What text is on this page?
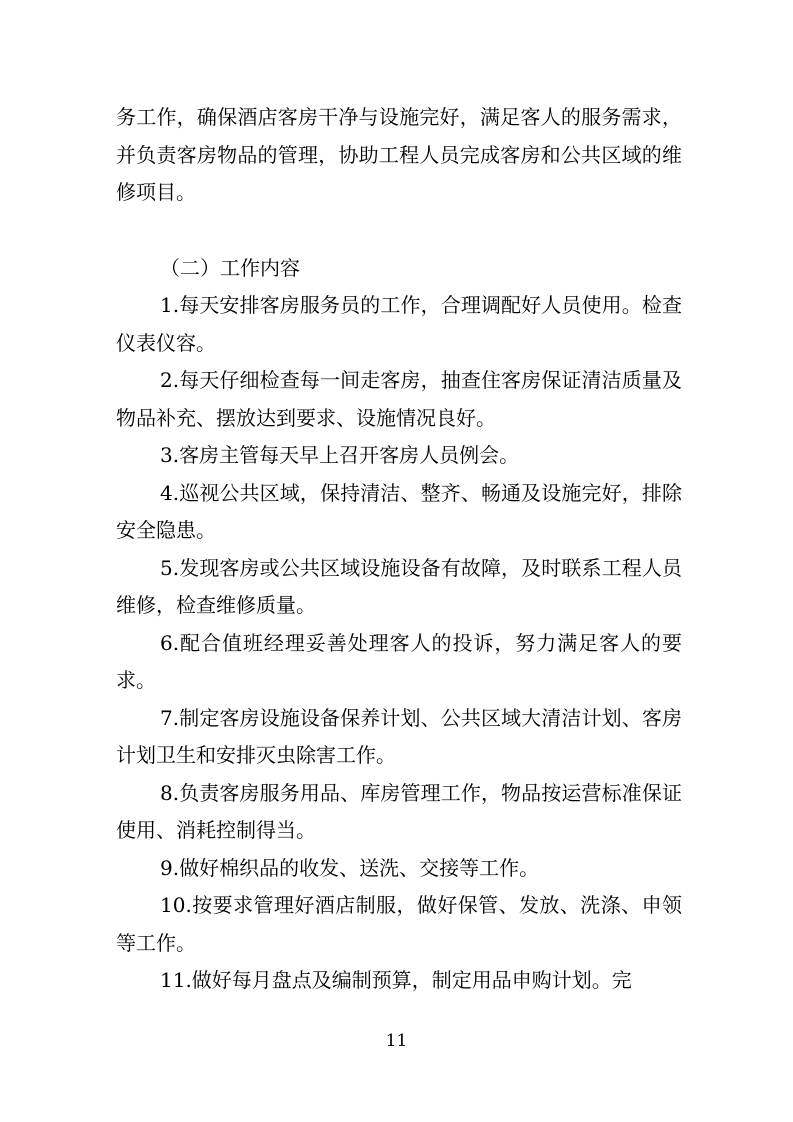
务工作，确保酒店客房干净与设施完好，满足客人的服务需求，并负责客房物品的管理，协助工程人员完成客房和公共区域的维修项目。

（二）工作内容

1.每天安排客房服务员的工作，合理调配好人员使用。检查仪表仪容。

2.每天仔细检查每一间走客房，抽查住客房保证清洁质量及物品补充、摆放达到要求、设施情况良好。

3.客房主管每天早上召开客房人员例会。

4.巡视公共区域，保持清洁、整齐、畅通及设施完好，排除安全隐患。

5.发现客房或公共区域设施设备有故障，及时联系工程人员维修，检查维修质量。

6.配合值班经理妥善处理客人的投诉，努力满足客人的要求。

7.制定客房设施设备保养计划、公共区域大清洁计划、客房计划卫生和安排灭虫除害工作。

8.负责客房服务用品、库房管理工作，物品按运营标准保证使用、消耗控制得当。

9.做好棉织品的收发、送洗、交接等工作。

10.按要求管理好酒店制服，做好保管、发放、洗涤、申领等工作。

11.做好每月盘点及编制预算，制定用品申购计划。完

11
